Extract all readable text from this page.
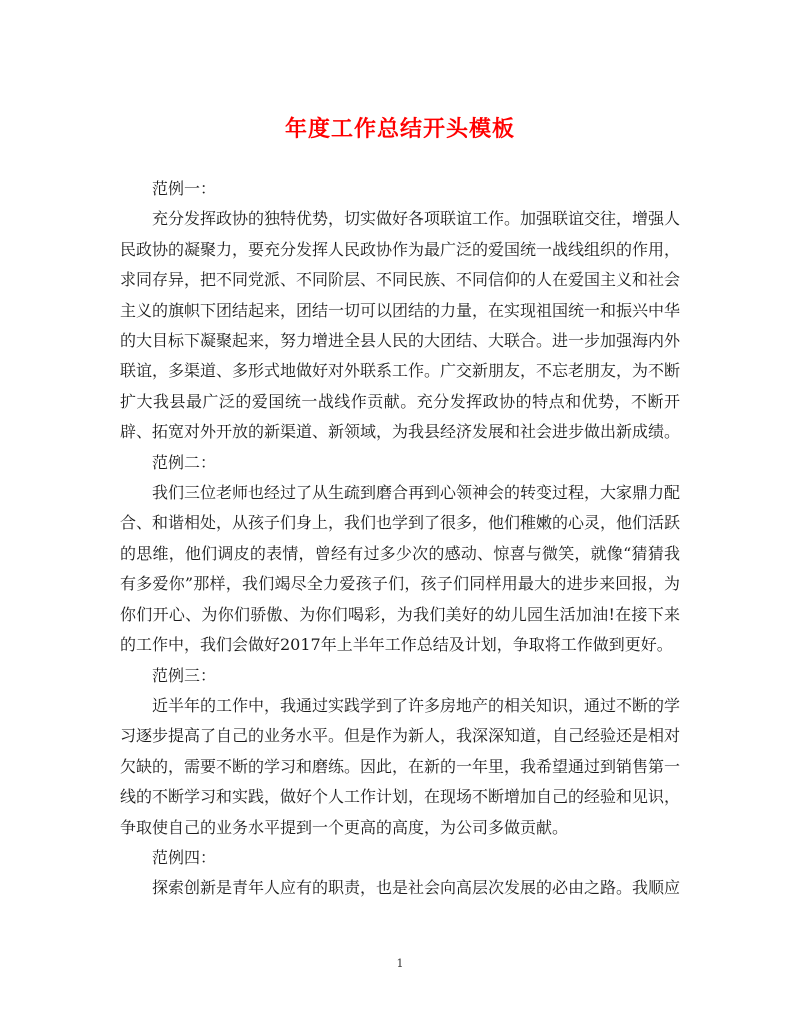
年度工作总结开头模板

范例一：

充分发挥政协的独特优势，切实做好各项联谊工作。加强联谊交往，增强人民政协的凝聚力，要充分发挥人民政协作为最广泛的爱国统一战线组织的作用，求同存异，把不同党派、不同阶层、不同民族、不同信仰的人在爱国主义和社会主义的旗帜下团结起来，团结一切可以团结的力量，在实现祖国统一和振兴中华的大目标下凝聚起来，努力增进全县人民的大团结、大联合。进一步加强海内外联谊，多渠道、多形式地做好对外联系工作。广交新朋友，不忘老朋友，为不断扩大我县最广泛的爱国统一战线作贡献。充分发挥政协的特点和优势，不断开辟、拓宽对外开放的新渠道、新领域，为我县经济发展和社会进步做出新成绩。

范例二：

我们三位老师也经过了从生疏到磨合再到心领神会的转变过程，大家鼎力配合、和谐相处，从孩子们身上，我们也学到了很多，他们稚嫩的心灵，他们活跃的思维，他们调皮的表情，曾经有过多少次的感动、惊喜与微笑，就像“猜猜我有多爱你”那样，我们竭尽全力爱孩子们，孩子们同样用最大的进步来回报，为你们开心、为你们骄傲、为你们喝彩，为我们美好的幼儿园生活加油!在接下来的工作中，我们会做好2017年上半年工作总结及计划，争取将工作做到更好。

范例三：

近半年的工作中，我通过实践学到了许多房地产的相关知识，通过不断的学习逐步提高了自己的业务水平。但是作为新人，我深深知道，自己经验还是相对欠缺的，需要不断的学习和磨练。因此，在新的一年里，我希望通过到销售第一线的不断学习和实践，做好个人工作计划，在现场不断增加自己的经验和见识，争取使自己的业务水平提到一个更高的高度，为公司多做贡献。

范例四：

探索创新是青年人应有的职责，也是社会向高层次发展的必由之路。我顺应

1
